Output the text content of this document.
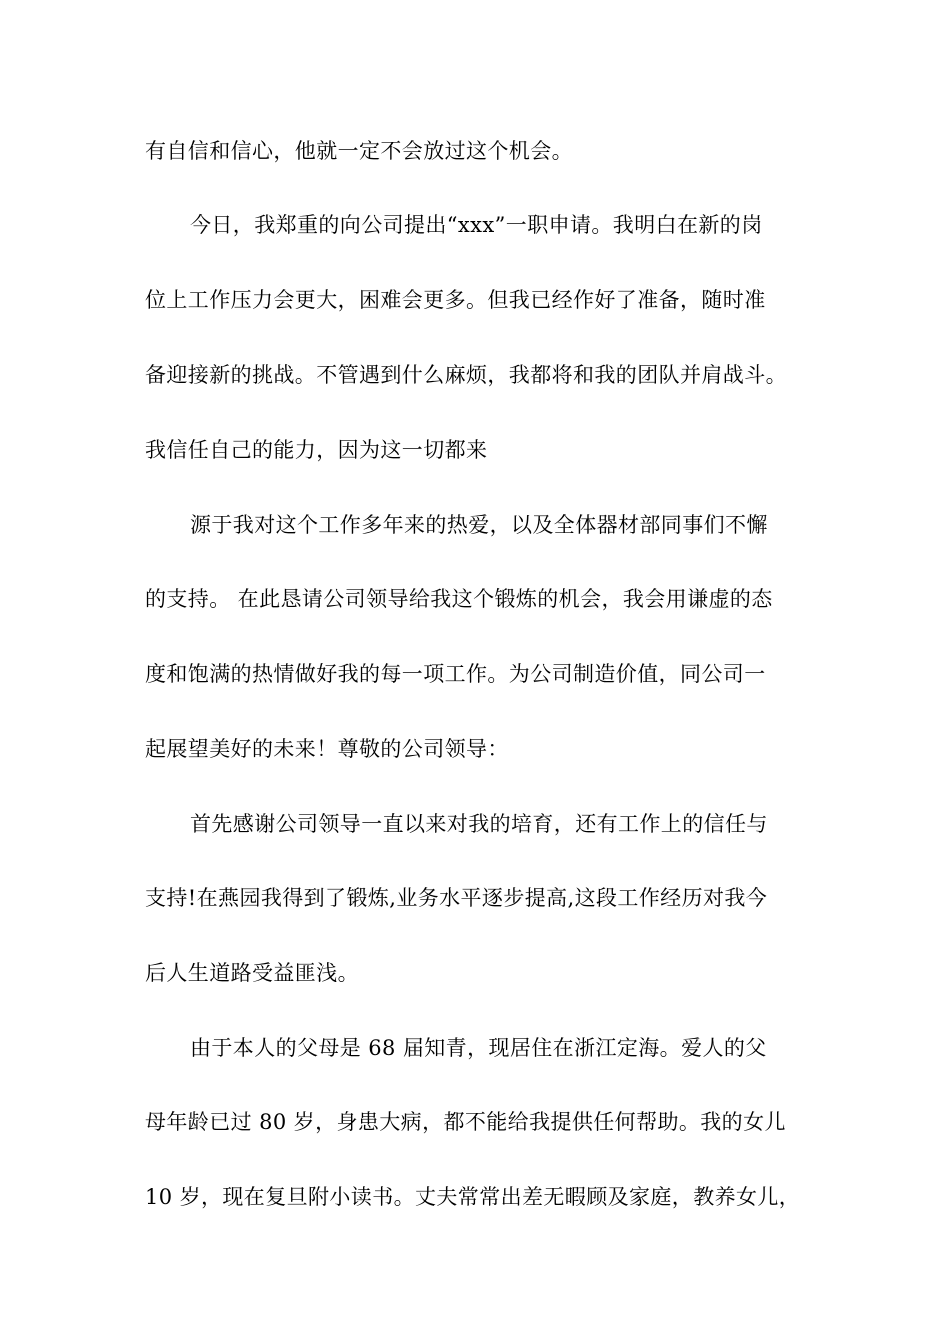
有自信和信心，他就一定不会放过这个机会。
今日，我郑重的向公司提出“xxx”一职申请。我明白在新的岗
位上工作压力会更大，困难会更多。但我已经作好了准备，随时准
备迎接新的挑战。不管遇到什么麻烦，我都将和我的团队并肩战斗。
我信任自己的能力，因为这一切都来
源于我对这个工作多年来的热爱，以及全体器材部同事们不懈
的支持。 在此恳请公司领导给我这个锻炼的机会，我会用谦虚的态
度和饱满的热情做好我的每一项工作。为公司制造价值，同公司一
起展望美好的未来！尊敬的公司领导：
首先感谢公司领导一直以来对我的培育，还有工作上的信任与
支持!在燕园我得到了锻炼,业务水平逐步提高,这段工作经历对我今
后人生道路受益匪浅。
由于本人的父母是 68 届知青，现居住在浙江定海。爱人的父
母年龄已过 80 岁，身患大病，都不能给我提供任何帮助。我的女儿
10 岁，现在复旦附小读书。丈夫常常出差无暇顾及家庭，教养女儿，
